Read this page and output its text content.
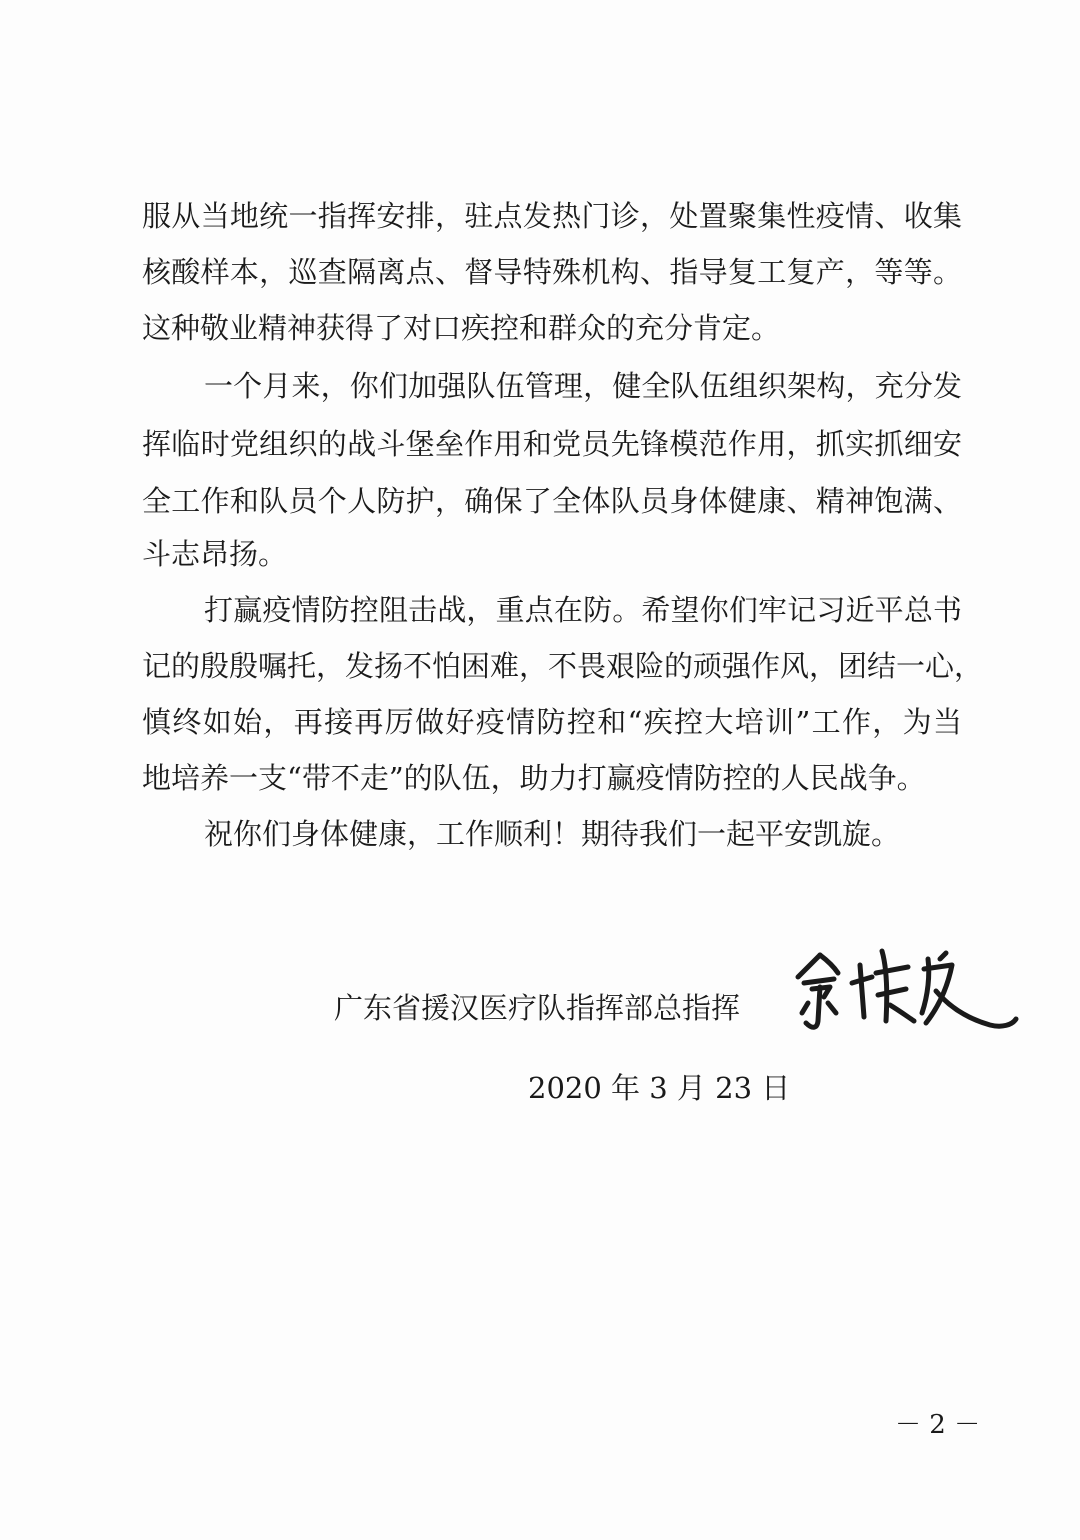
服从当地统一指挥安排，驻点发热门诊，处置聚集性疫情、收集
核酸样本，巡查隔离点、督导特殊机构、指导复工复产，等等。
这种敬业精神获得了对口疾控和群众的充分肯定。
一个月来，你们加强队伍管理，健全队伍组织架构，充分发
挥临时党组织的战斗堡垒作用和党员先锋模范作用，抓实抓细安
全工作和队员个人防护，确保了全体队员身体健康、精神饱满、
斗志昂扬。
打赢疫情防控阻击战，重点在防。希望你们牢记习近平总书
记的殷殷嘱托，发扬不怕困难，不畏艰险的顽强作风，团结一心，
慎终如始，再接再厉做好疫情防控和“疾控大培训”工作，为当
地培养一支“带不走”的队伍，助力打赢疫情防控的人民战争。
祝你们身体健康，工作顺利！期待我们一起平安凯旋。
广东省援汉医疗队指挥部总指挥
2020 年 3 月 23 日
－ 2 －
